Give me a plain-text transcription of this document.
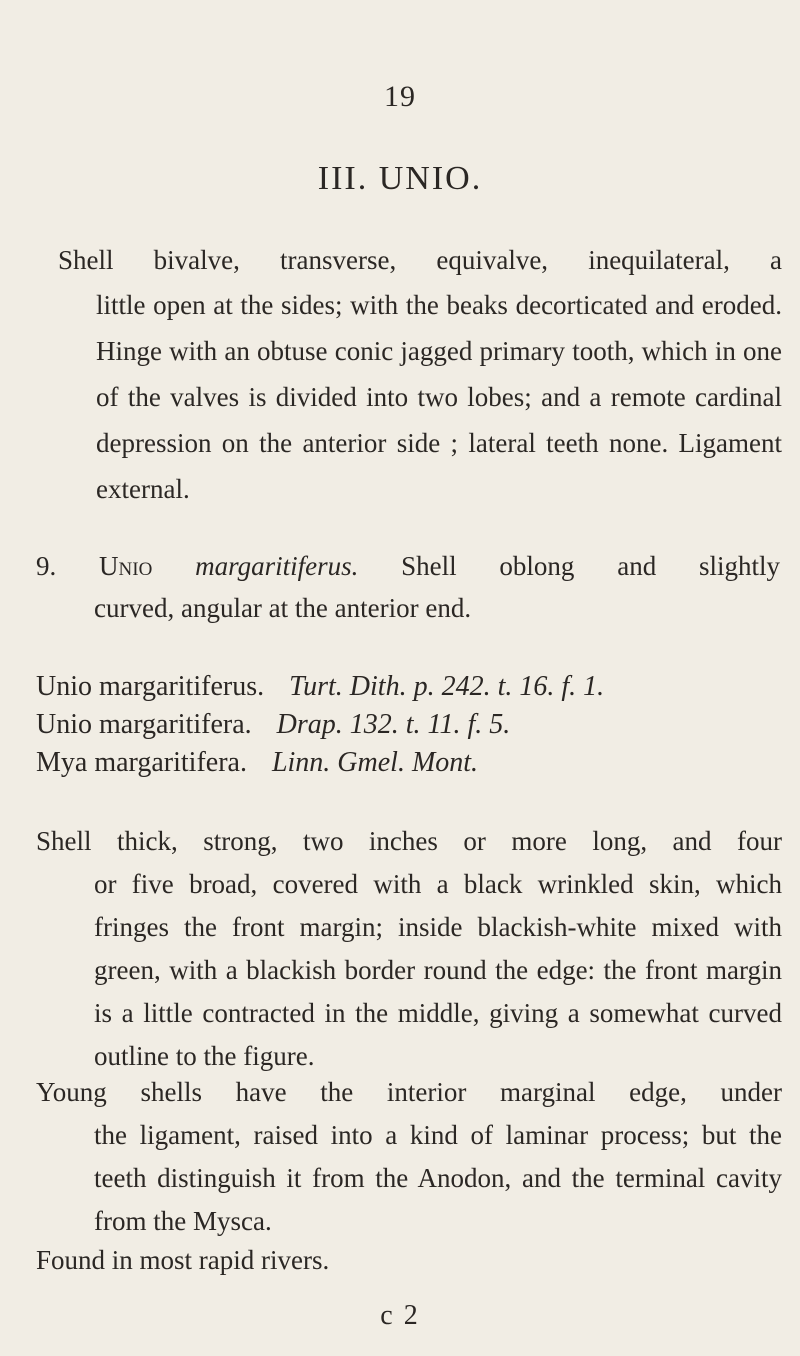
19
III. UNIO.
Shell bivalve, transverse, equivalve, inequilateral, a
little open at the sides; with the beaks decorticated and eroded. Hinge with an obtuse conic jagged primary tooth, which in one of the valves is divided into two lobes; and a remote cardinal depression on the anterior side ; lateral teeth none. Ligament external.
9. Unio margaritiferus. Shell oblong and slightly
curved, angular at the anterior end.
Unio margaritiferus. Turt. Dith. p. 242. t. 16. f. 1.
Unio margaritifera. Drap. 132. t. 11. f. 5.
Mya margaritifera. Linn. Gmel. Mont.
Shell thick, strong, two inches or more long, and four
or five broad, covered with a black wrinkled skin, which fringes the front margin; inside blackish-white mixed with green, with a blackish border round the edge: the front margin is a little contracted in the middle, giving a somewhat curved outline to the figure.
Young shells have the interior marginal edge, under
the ligament, raised into a kind of laminar process; but the teeth distinguish it from the Anodon, and the terminal cavity from the Mysca.
Found in most rapid rivers.
c 2
